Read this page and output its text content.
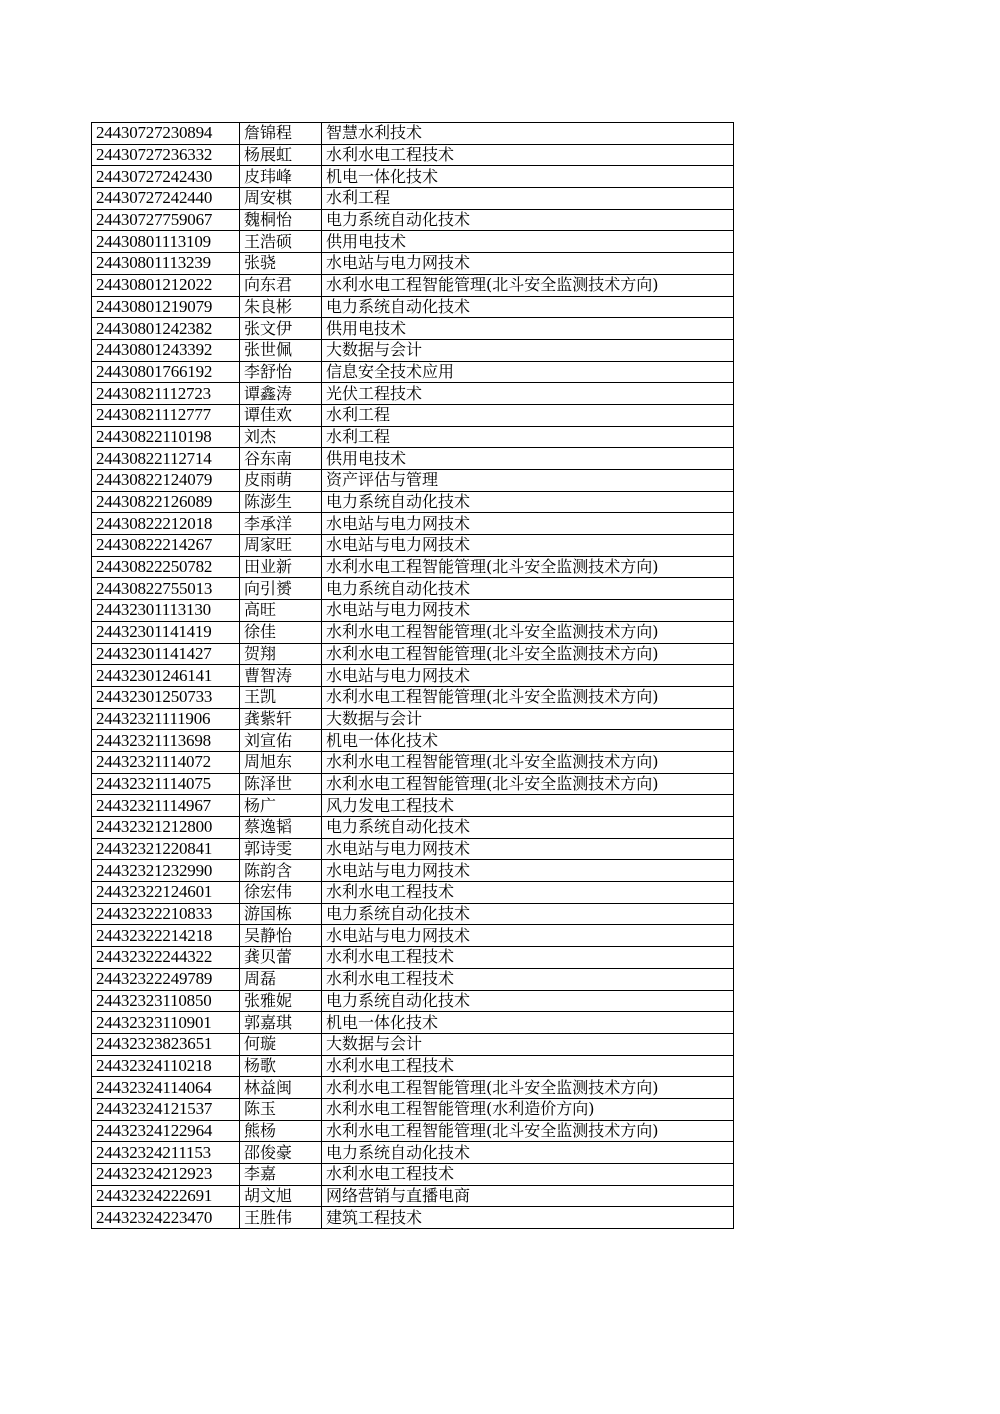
24430727230894	詹锦程	智慧水利技术
24430727236332	杨展虹	水利水电工程技术
24430727242430	皮玮峰	机电一体化技术
24430727242440	周安棋	水利工程
24430727759067	魏桐怡	电力系统自动化技术
24430801113109	王浩硕	供用电技术
24430801113239	张骁	水电站与电力网技术
24430801212022	向东君	水利水电工程智能管理(北斗安全监测技术方向)
24430801219079	朱良彬	电力系统自动化技术
24430801242382	张文伊	供用电技术
24430801243392	张世佩	大数据与会计
24430801766192	李舒怡	信息安全技术应用
24430821112723	谭鑫涛	光伏工程技术
24430821112777	谭佳欢	水利工程
24430822110198	刘杰	水利工程
24430822112714	谷东南	供用电技术
24430822124079	皮雨萌	资产评估与管理
24430822126089	陈澎生	电力系统自动化技术
24430822212018	李承洋	水电站与电力网技术
24430822214267	周家旺	水电站与电力网技术
24430822250782	田业新	水利水电工程智能管理(北斗安全监测技术方向)
24430822755013	向引赟	电力系统自动化技术
24432301113130	高旺	水电站与电力网技术
24432301141419	徐佳	水利水电工程智能管理(北斗安全监测技术方向)
24432301141427	贺翔	水利水电工程智能管理(北斗安全监测技术方向)
24432301246141	曹智涛	水电站与电力网技术
24432301250733	王凯	水利水电工程智能管理(北斗安全监测技术方向)
24432321111906	龚紫轩	大数据与会计
24432321113698	刘宣佑	机电一体化技术
24432321114072	周旭东	水利水电工程智能管理(北斗安全监测技术方向)
24432321114075	陈泽世	水利水电工程智能管理(北斗安全监测技术方向)
24432321114967	杨广	风力发电工程技术
24432321212800	蔡逸韬	电力系统自动化技术
24432321220841	郭诗雯	水电站与电力网技术
24432321232990	陈韵含	水电站与电力网技术
24432322124601	徐宏伟	水利水电工程技术
24432322210833	游国栋	电力系统自动化技术
24432322214218	吴静怡	水电站与电力网技术
24432322244322	龚贝蕾	水利水电工程技术
24432322249789	周磊	水利水电工程技术
24432323110850	张雅妮	电力系统自动化技术
24432323110901	郭嘉琪	机电一体化技术
24432323823651	何璇	大数据与会计
24432324110218	杨歌	水利水电工程技术
24432324114064	林益闽	水利水电工程智能管理(北斗安全监测技术方向)
24432324121537	陈玉	水利水电工程智能管理(水利造价方向)
24432324122964	熊杨	水利水电工程智能管理(北斗安全监测技术方向)
24432324211153	邵俊豪	电力系统自动化技术
24432324212923	李嘉	水利水电工程技术
24432324222691	胡文旭	网络营销与直播电商
24432324223470	王胜伟	建筑工程技术
